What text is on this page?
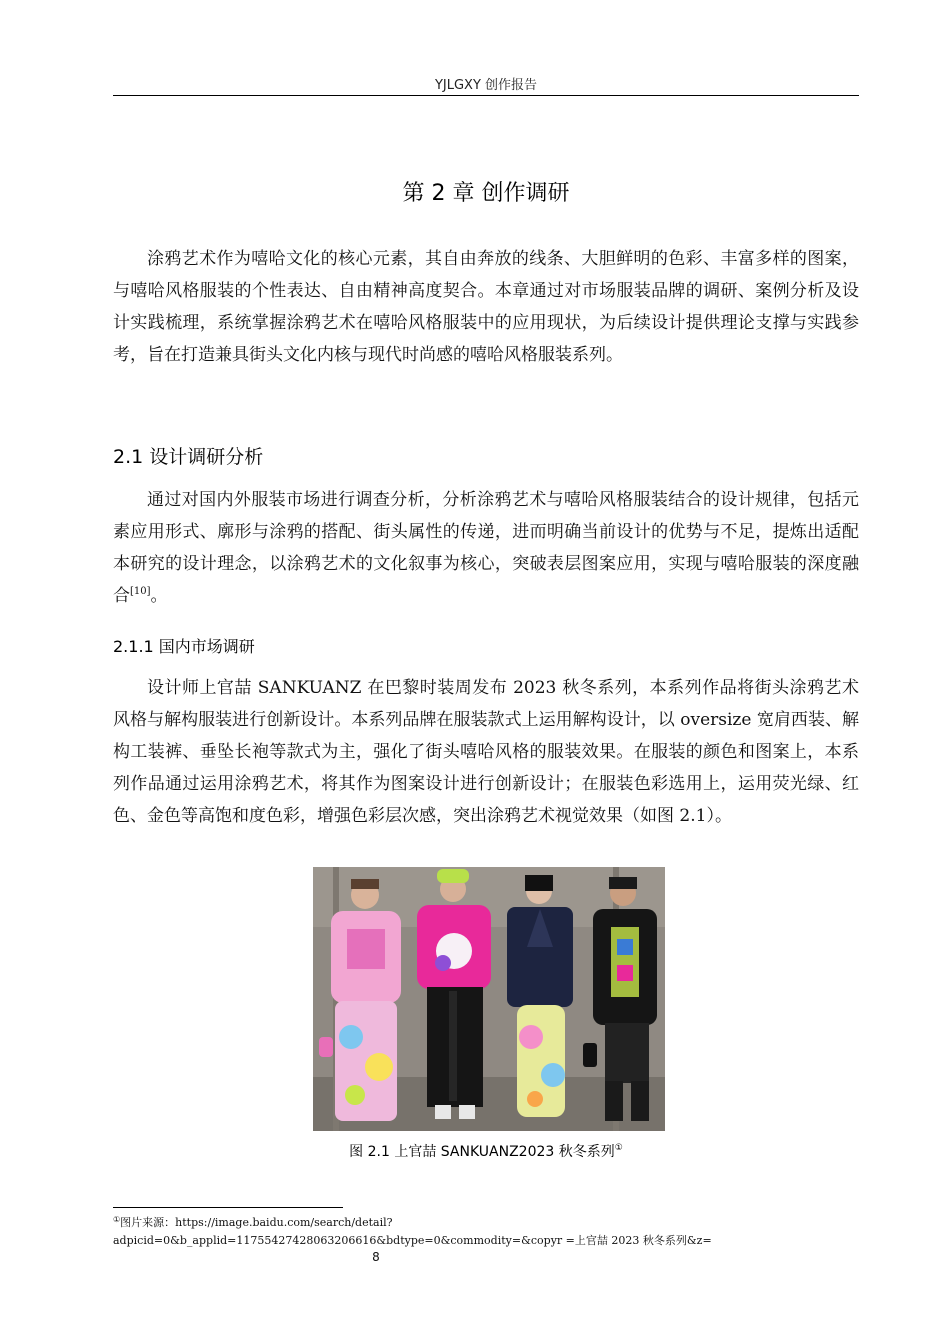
YJLGXY 创作报告
第 2 章 创作调研

涂鸦艺术作为嘻哈文化的核心元素，其自由奔放的线条、大胆鲜明的色彩、丰富多样的图案，与嘻哈风格服装的个性表达、自由精神高度契合。本章通过对市场服装品牌的调研、案例分析及设计实践梳理，系统掌握涂鸦艺术在嘻哈风格服装中的应用现状，为后续设计提供理论支撑与实践参考，旨在打造兼具街头文化内核与现代时尚感的嘻哈风格服装系列。

2.1 设计调研分析

通过对国内外服装市场进行调查分析，分析涂鸦艺术与嘻哈风格服装结合的设计规律，包括元素应用形式、廓形与涂鸦的搭配、街头属性的传递，进而明确当前设计的优势与不足，提炼出适配本研究的设计理念，以涂鸦艺术的文化叙事为核心，突破表层图案应用，实现与嘻哈服装的深度融合[10]。

2.1.1 国内市场调研

设计师上官喆 SANKUANZ 在巴黎时装周发布 2023 秋冬系列，本系列作品将街头涂鸦艺术风格与解构服装进行创新设计。本系列品牌在服装款式上运用解构设计，以 oversize 宽肩西装、解构工装裤、垂坠长袍等款式为主，强化了街头嘻哈风格的服装效果。在服装的颜色和图案上，本系列作品通过运用涂鸦艺术，将其作为图案设计进行创新设计；在服装色彩选用上，运用荧光绿、红色、金色等高饱和度色彩，增强色彩层次感，突出涂鸦艺术视觉效果（如图 2.1）。

图 2.1 上官喆 SANKUANZ2023 秋冬系列①
①图片来源：https://image.baidu.com/search/detail?
adpicid=0&b_applid=11755427428063206616&bdtype=0&commodity=&copyr =上官喆 2023 秋冬系列&z=
8
